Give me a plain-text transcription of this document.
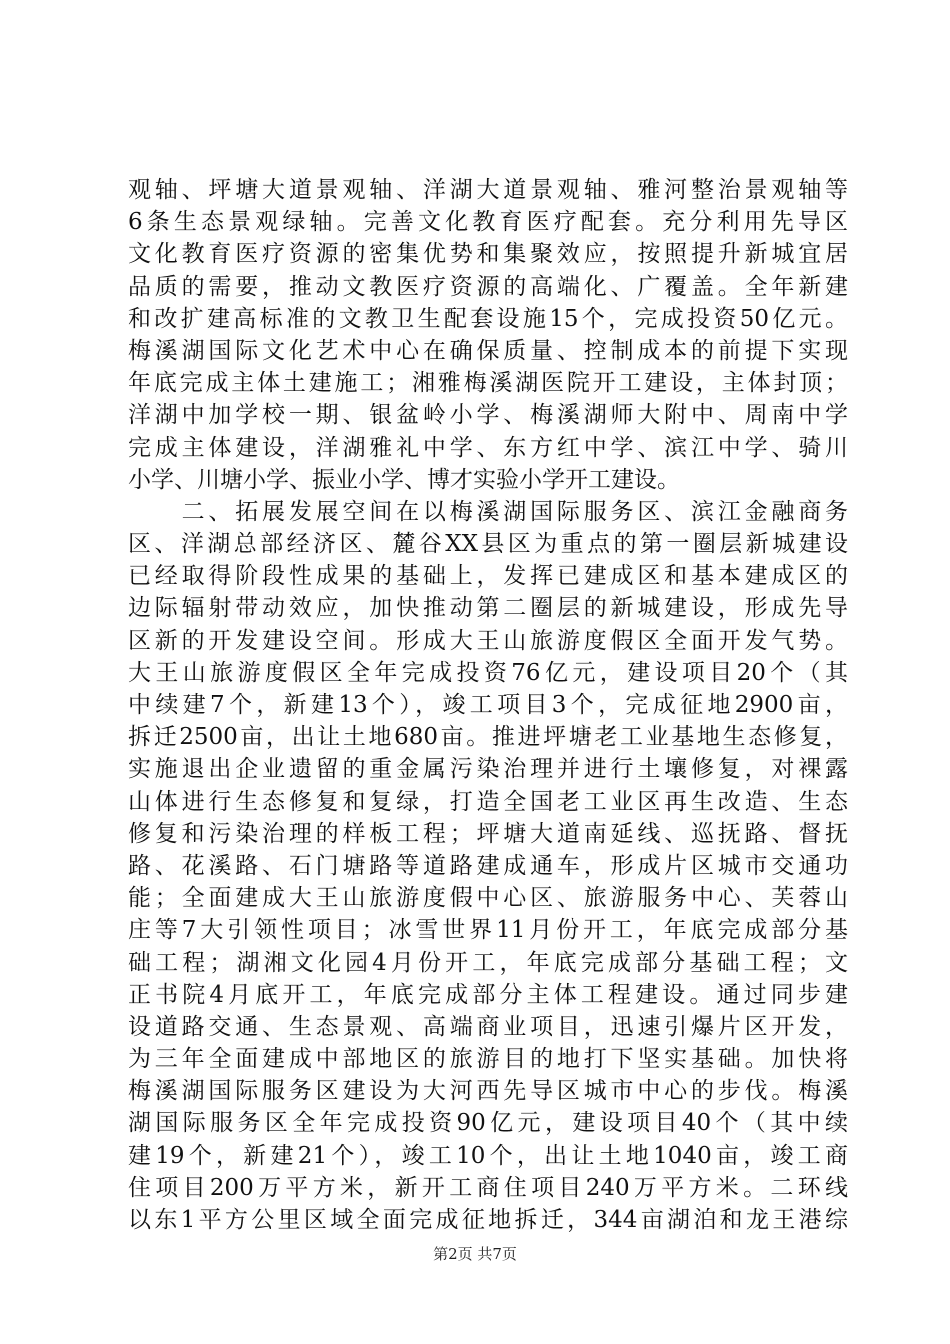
观轴、坪塘大道景观轴、洋湖大道景观轴、雅河整治景观轴等
6条生态景观绿轴。完善文化教育医疗配套。充分利用先导区
文化教育医疗资源的密集优势和集聚效应，按照提升新城宜居
品质的需要，推动文教医疗资源的高端化、广覆盖。全年新建
和改扩建高标准的文教卫生配套设施15个，完成投资50亿元。
梅溪湖国际文化艺术中心在确保质量、控制成本的前提下实现
年底完成主体土建施工；湘雅梅溪湖医院开工建设，主体封顶；
洋湖中加学校一期、银盆岭小学、梅溪湖师大附中、周南中学
完成主体建设，洋湖雅礼中学、东方红中学、滨江中学、骑川
小学、川塘小学、振业小学、博才实验小学开工建设。
　　二、拓展发展空间在以梅溪湖国际服务区、滨江金融商务
区、洋湖总部经济区、麓谷XX县区为重点的第一圈层新城建设
已经取得阶段性成果的基础上，发挥已建成区和基本建成区的
边际辐射带动效应，加快推动第二圈层的新城建设，形成先导
区新的开发建设空间。形成大王山旅游度假区全面开发气势。
大王山旅游度假区全年完成投资76亿元，建设项目20个（其
中续建7个，新建13个），竣工项目3个，完成征地2900亩，
拆迁2500亩，出让土地680亩。推进坪塘老工业基地生态修复，
实施退出企业遗留的重金属污染治理并进行土壤修复，对裸露
山体进行生态修复和复绿，打造全国老工业区再生改造、生态
修复和污染治理的样板工程；坪塘大道南延线、巡抚路、督抚
路、花溪路、石门塘路等道路建成通车，形成片区城市交通功
能；全面建成大王山旅游度假中心区、旅游服务中心、芙蓉山
庄等7大引领性项目；冰雪世界11月份开工，年底完成部分基
础工程；湖湘文化园4月份开工，年底完成部分基础工程；文
正书院4月底开工，年底完成部分主体工程建设。通过同步建
设道路交通、生态景观、高端商业项目，迅速引爆片区开发，
为三年全面建成中部地区的旅游目的地打下坚实基础。加快将
梅溪湖国际服务区建设为大河西先导区城市中心的步伐。梅溪
湖国际服务区全年完成投资90亿元，建设项目40个（其中续
建19个，新建21个），竣工10个，出让土地1040亩，竣工商
住项目200万平方米，新开工商住项目240万平方米。二环线
以东1平方公里区域全面完成征地拆迁，344亩湖泊和龙王港综
第2页 共7页
